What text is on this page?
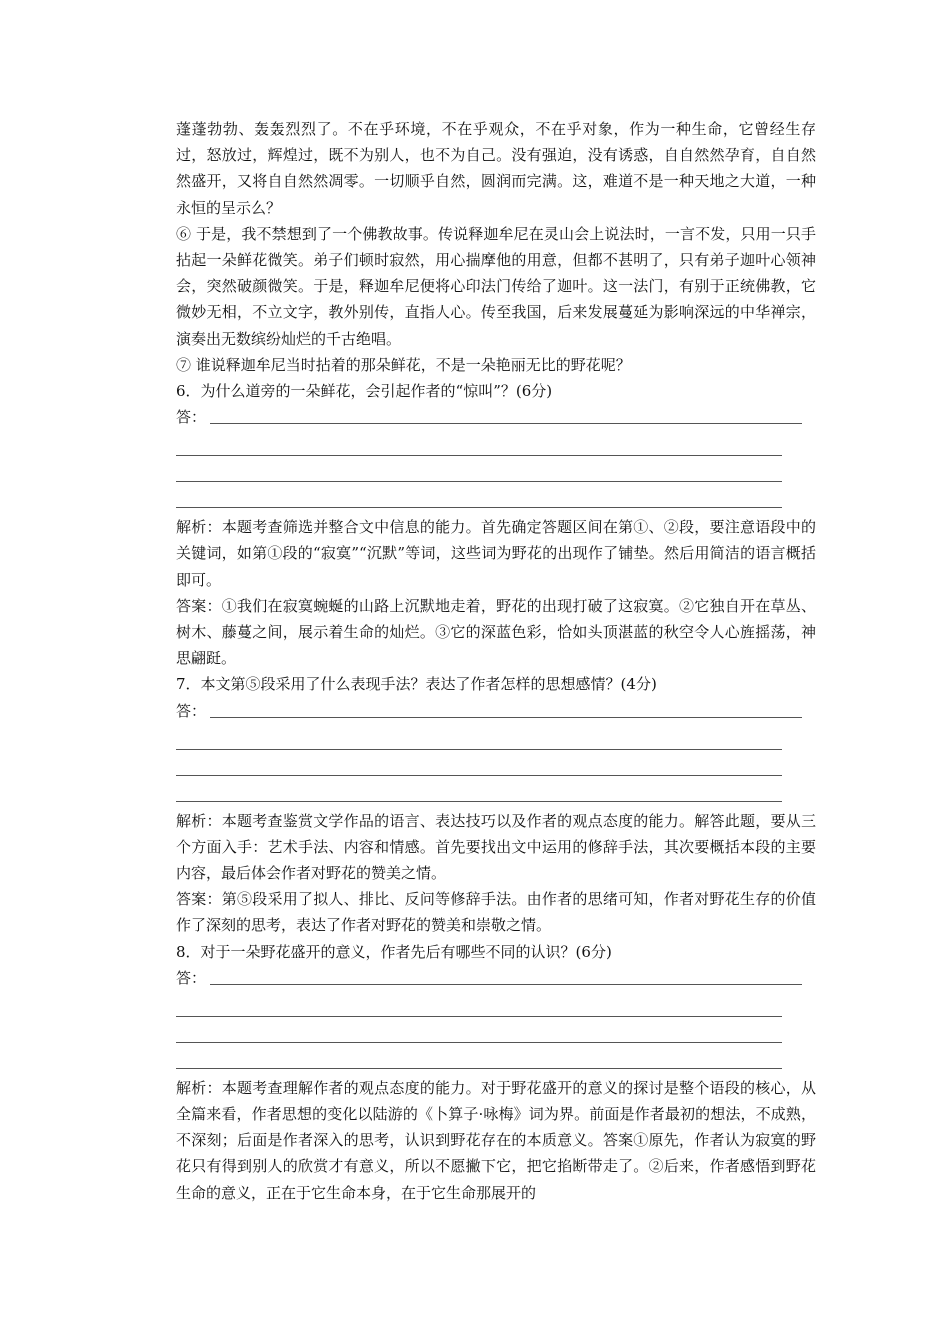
蓬蓬勃勃、轰轰烈烈了。不在乎环境，不在乎观众，不在乎对象，作为一种生命，它曾经生存过，怒放过，辉煌过，既不为别人，也不为自己。没有强迫，没有诱惑，自自然然孕育，自自然然盛开，又将自自然然凋零。一切顺乎自然，圆润而完满。这，难道不是一种天地之大道，一种永恒的呈示么？

⑥ 于是，我不禁想到了一个佛教故事。传说释迦牟尼在灵山会上说法时，一言不发，只用一只手拈起一朵鲜花微笑。弟子们顿时寂然，用心揣摩他的用意，但都不甚明了，只有弟子迦叶心领神会，突然破颜微笑。于是，释迦牟尼便将心印法门传给了迦叶。这一法门，有别于正统佛教，它微妙无相，不立文字，教外别传，直指人心。传至我国，后来发展蔓延为影响深远的中华禅宗，演奏出无数缤纷灿烂的千古绝唱。

⑦ 谁说释迦牟尼当时拈着的那朵鲜花，不是一朵艳丽无比的野花呢？

6．为什么道旁的一朵鲜花，会引起作者的“惊叫”？(6分)

答：

解析：本题考查筛选并整合文中信息的能力。首先确定答题区间在第①、②段，要注意语段中的关键词，如第①段的“寂寞”“沉默”等词，这些词为野花的出现作了铺垫。然后用简洁的语言概括即可。

答案：①我们在寂寞蜿蜒的山路上沉默地走着，野花的出现打破了这寂寞。②它独自开在草丛、树木、藤蔓之间，展示着生命的灿烂。③它的深蓝色彩，恰如头顶湛蓝的秋空令人心旌摇荡，神思翩跹。

7．本文第⑤段采用了什么表现手法？表达了作者怎样的思想感情？(4分)

答：

解析：本题考查鉴赏文学作品的语言、表达技巧以及作者的观点态度的能力。解答此题，要从三个方面入手：艺术手法、内容和情感。首先要找出文中运用的修辞手法，其次要概括本段的主要内容，最后体会作者对野花的赞美之情。

答案：第⑤段采用了拟人、排比、反问等修辞手法。由作者的思绪可知，作者对野花生存的价值作了深刻的思考，表达了作者对野花的赞美和崇敬之情。

8．对于一朵野花盛开的意义，作者先后有哪些不同的认识？(6分)

答：

解析：本题考查理解作者的观点态度的能力。对于野花盛开的意义的探讨是整个语段的核心，从全篇来看，作者思想的变化以陆游的《卜算子·咏梅》词为界。前面是作者最初的想法，不成熟，不深刻；后面是作者深入的思考，认识到野花存在的本质意义。答案①原先，作者认为寂寞的野花只有得到别人的欣赏才有意义，所以不愿撇下它，把它掐断带走了。②后来，作者感悟到野花生命的意义，正在于它生命本身，在于它生命那展开的
